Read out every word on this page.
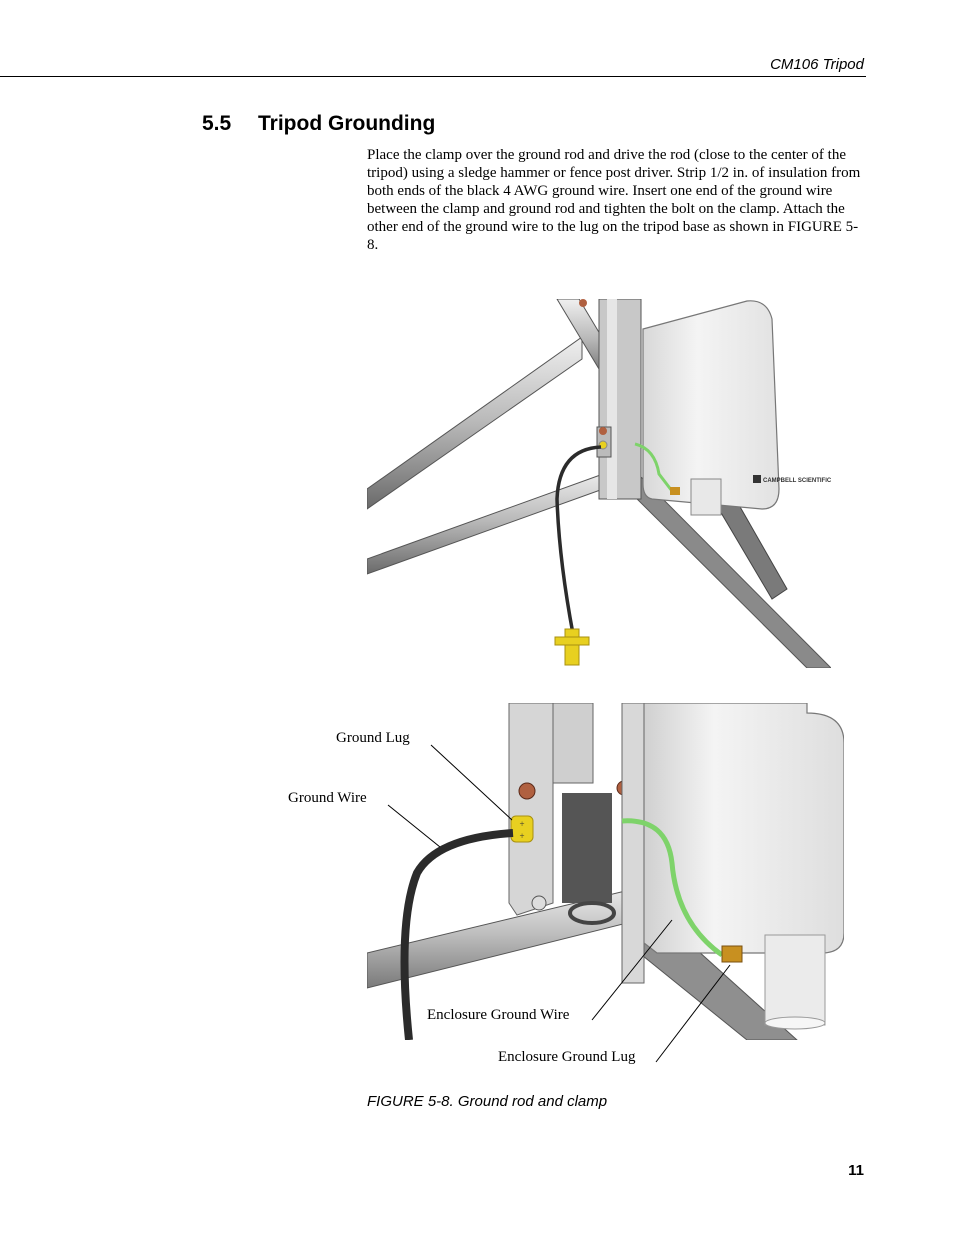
CM106 Tripod
5.5 Tripod Grounding
Place the clamp over the ground rod and drive the rod (close to the center of the tripod) using a sledge hammer or fence post driver. Strip 1/2 in. of insulation from both ends of the black 4 AWG ground wire. Insert one end of the ground wire between the clamp and ground rod and tighten the bolt on the clamp. Attach the other end of the ground wire to the lug on the tripod base as shown in FIGURE 5-8.
CAMPBELL SCIENTIFIC
+
+
Ground Lug
Ground Wire
Enclosure Ground Wire
Enclosure Ground Lug
FIGURE 5-8. Ground rod and clamp
11
